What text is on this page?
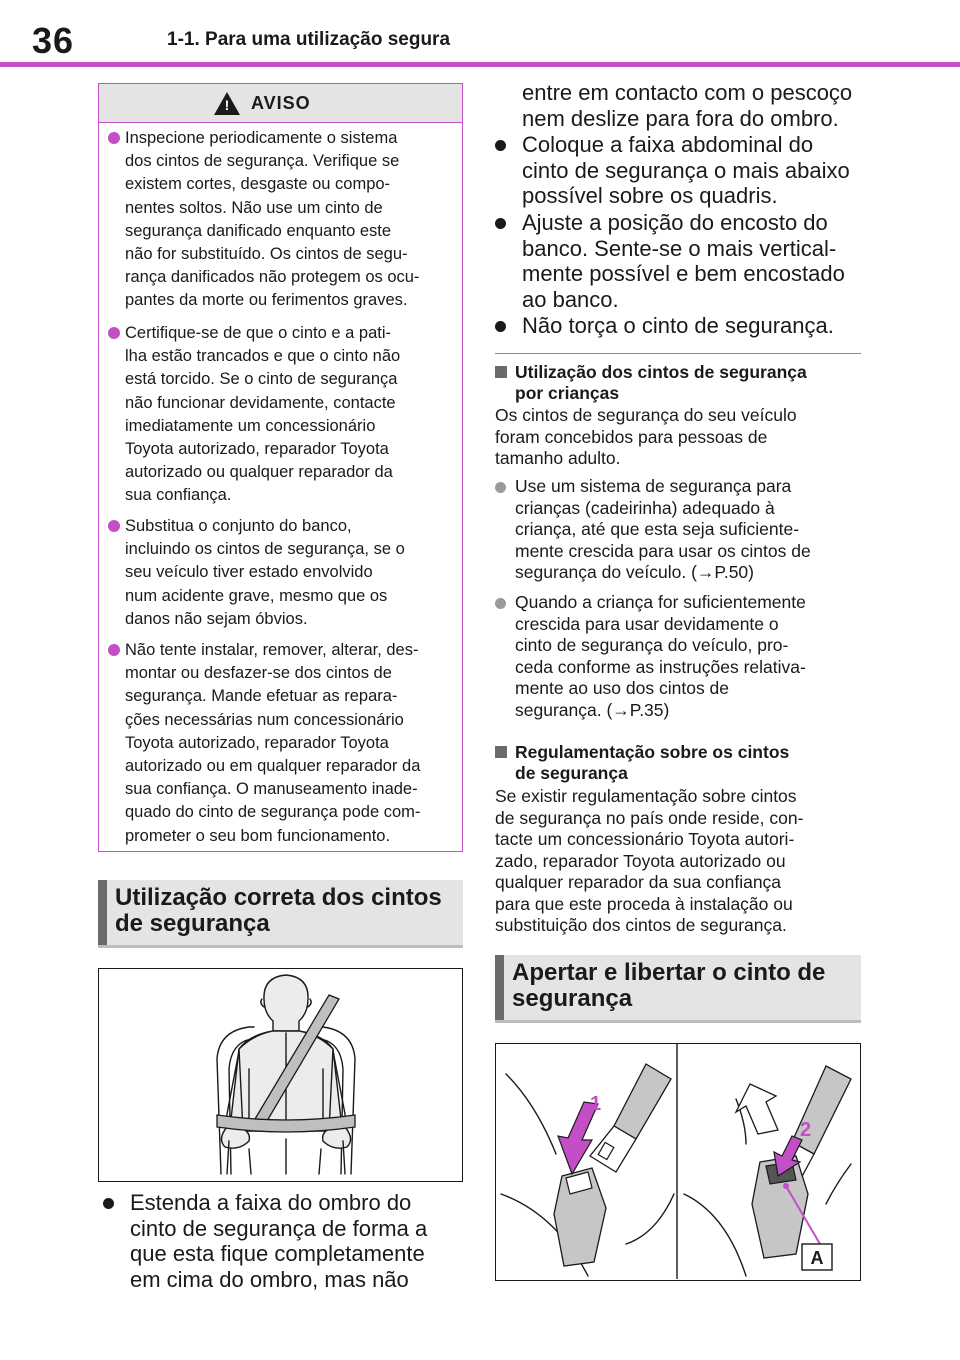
36	1-1. Para uma utilização segura
! AVISO
Inspecione periodicamente o sistema
dos cintos de segurança. Verifique se
existem cortes, desgaste ou compo-
nentes soltos. Não use um cinto de
segurança danificado enquanto este
não for substituído. Os cintos de segu-
rança danificados não protegem os ocu-
pantes da morte ou ferimentos graves.
Certifique-se de que o cinto e a pati-
lha estão trancados e que o cinto não
está torcido. Se o cinto de segurança
não funcionar devidamente, contacte
imediatamente um concessionário
Toyota autorizado, reparador Toyota
autorizado ou qualquer reparador da
sua confiança.
Substitua o conjunto do banco,
incluindo os cintos de segurança, se o
seu veículo tiver estado envolvido
num acidente grave, mesmo que os
danos não sejam óbvios.
Não tente instalar, remover, alterar, des-
montar ou desfazer-se dos cintos de
segurança. Mande efetuar as repara-
ções necessárias num concessionário
Toyota autorizado, reparador Toyota
autorizado ou em qualquer reparador da
sua confiança. O manuseamento inade-
quado do cinto de segurança pode com-
prometer o seu bom funcionamento.
Utilização correta dos cintos
de segurança
Estenda a faixa do ombro do
cinto de segurança de forma a
que esta fique completamente
em cima do ombro, mas não
entre em contacto com o pescoço
nem deslize para fora do ombro.
Coloque a faixa abdominal do
cinto de segurança o mais abaixo
possível sobre os quadris.
Ajuste a posição do encosto do
banco. Sente-se o mais vertical-
mente possível e bem encostado
ao banco.
Não torça o cinto de segurança.
Utilização dos cintos de segurança
por crianças
Os cintos de segurança do seu veículo
foram concebidos para pessoas de
tamanho adulto.
Use um sistema de segurança para
crianças (cadeirinha) adequado à
criança, até que esta seja suficiente-
mente crescida para usar os cintos de
segurança do veículo. (→P.50)
Quando a criança for suficientemente
crescida para usar devidamente o
cinto de segurança do veículo, pro-
ceda conforme as instruções relativa-
mente ao uso dos cintos de
segurança. (→P.35)
Regulamentação sobre os cintos
de segurança
Se existir regulamentação sobre cintos
de segurança no país onde reside, con-
tacte um concessionário Toyota autori-
zado, reparador Toyota autorizado ou
qualquer reparador da sua confiança
para que este proceda à instalação ou
substituição dos cintos de segurança.
Apertar e libertar o cinto de
segurança
1
2
A
